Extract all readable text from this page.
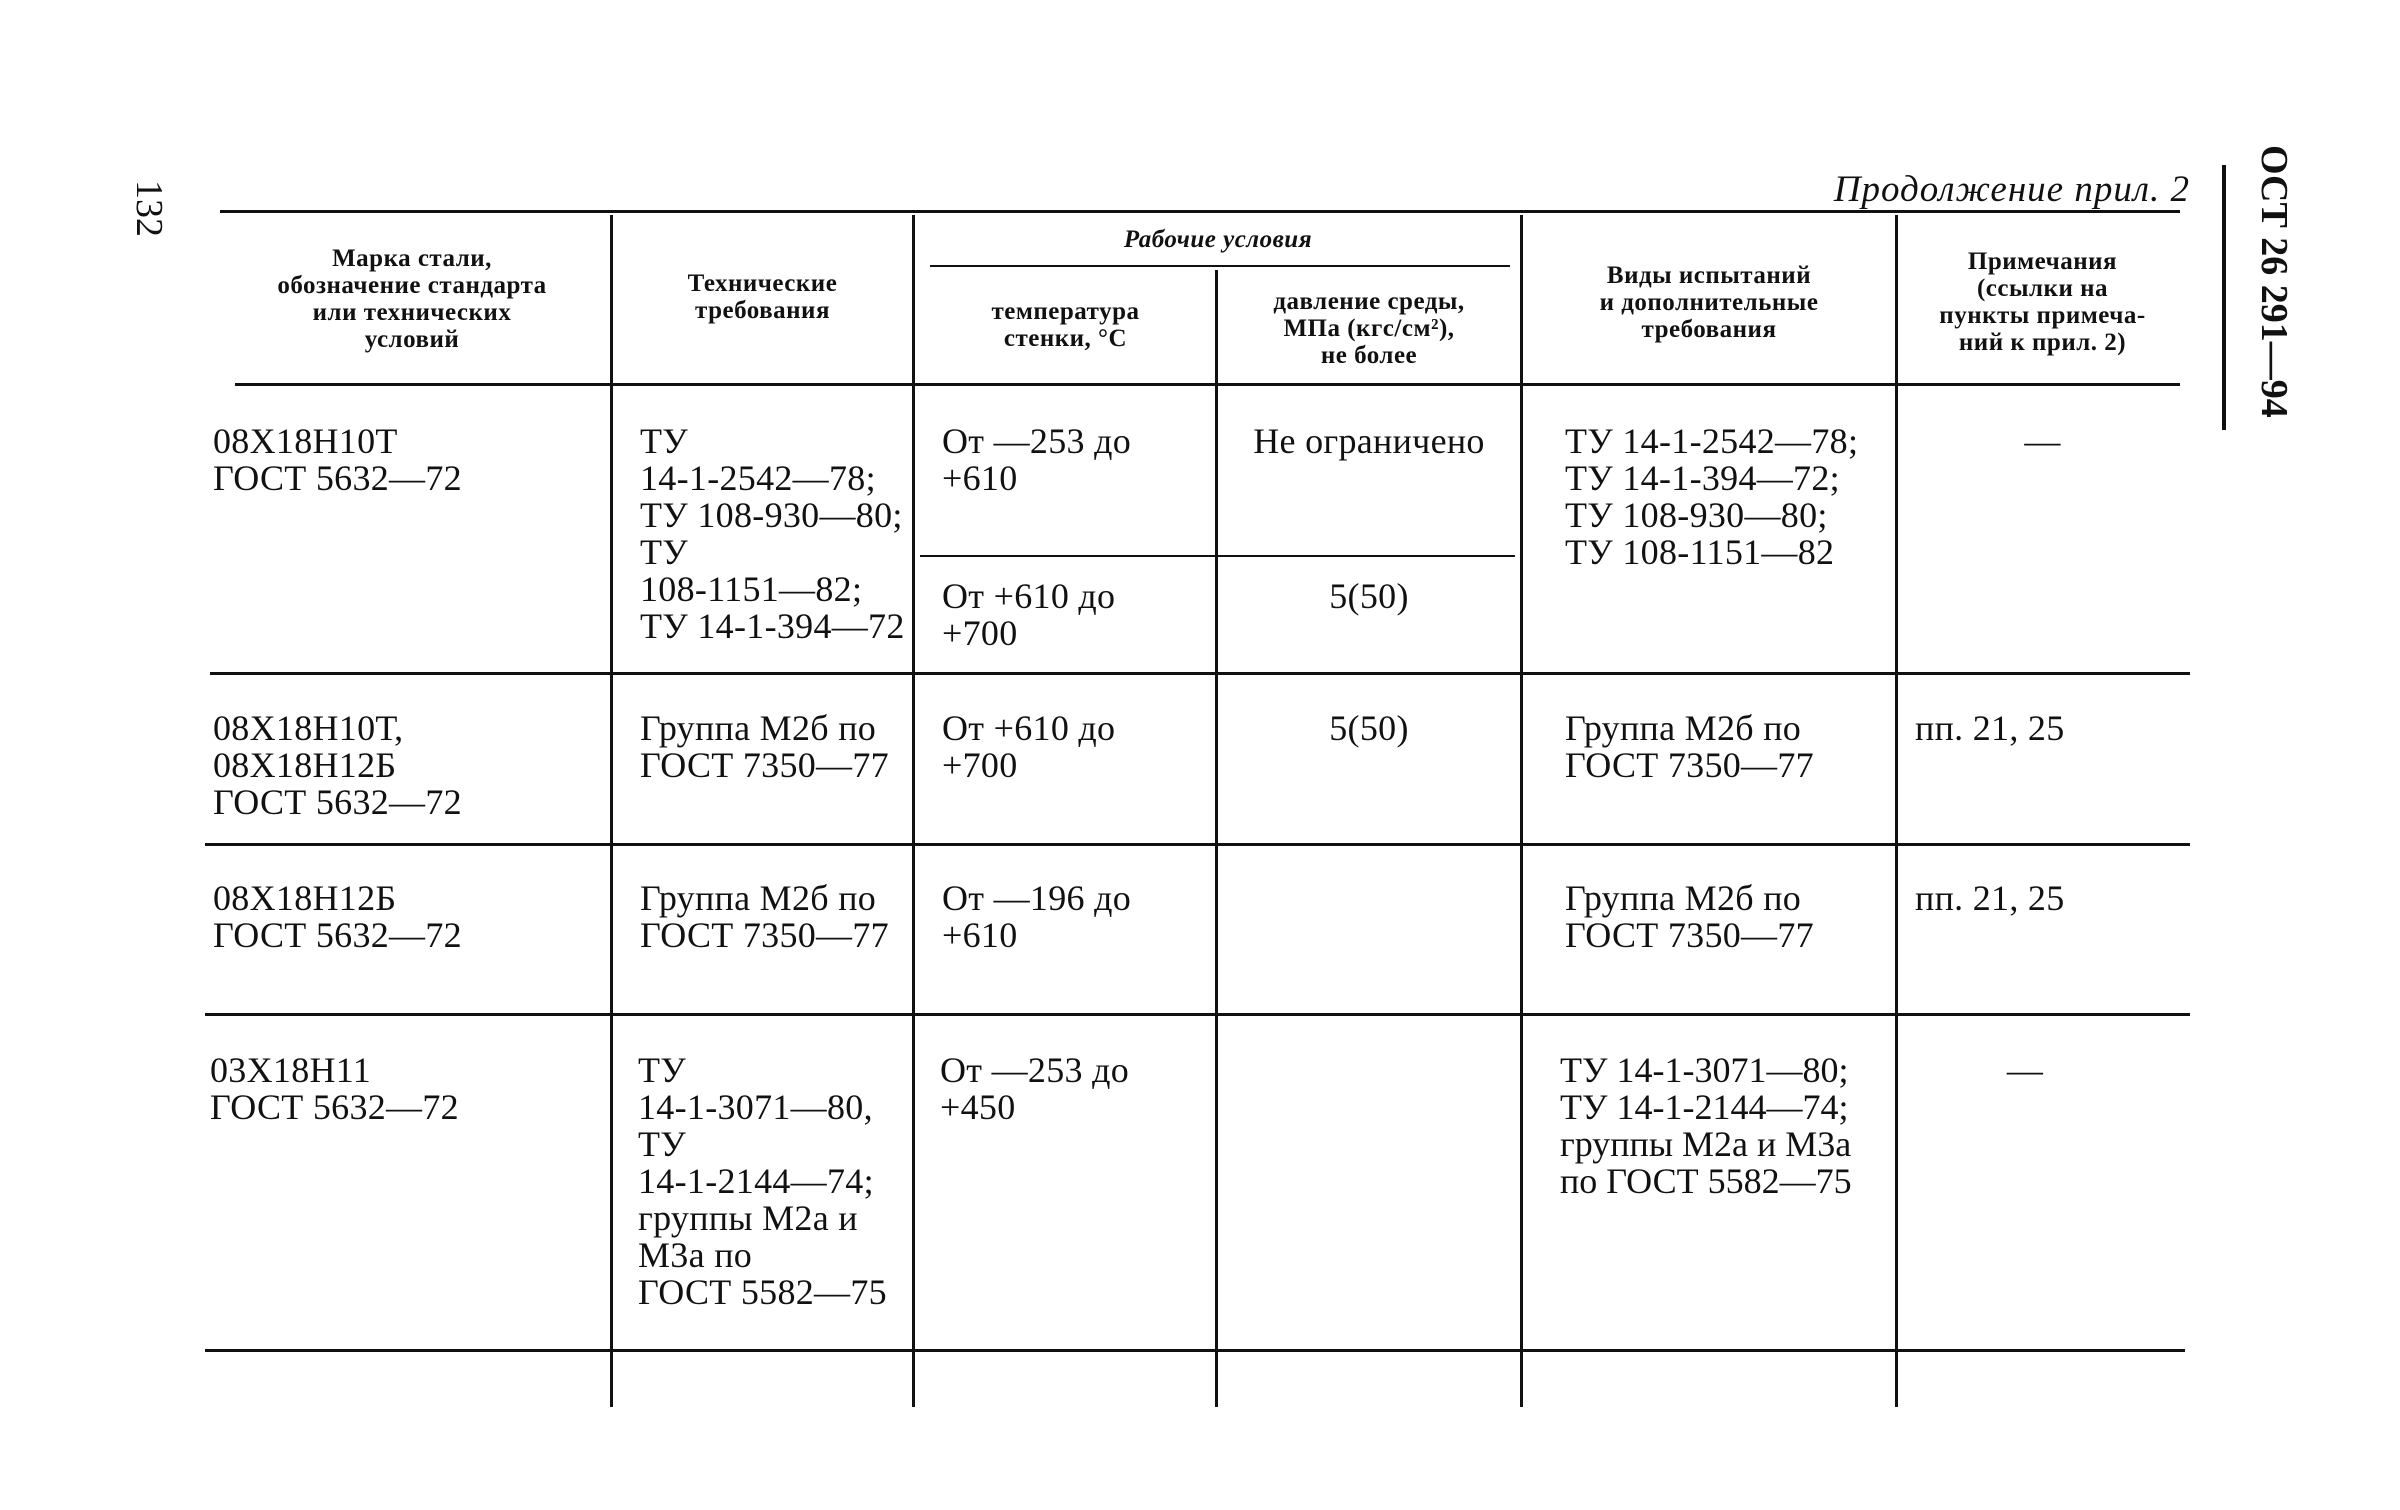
132	ОСТ 26 291—94
Продолжение прил. 2
Марка стали,
обозначение стандарта
или технических
условий
Технические
требования
Рабочие условия
температура
стенки, °С
давление среды,
МПа (кгс/см²),
не более
Виды испытаний
и дополнительные
требования
Примечания
(ссылки на
пункты примеча-
ний к прил. 2)
08Х18Н10Т
ГОСТ 5632—72
ТУ
14-1-2542—78;
ТУ 108-930—80;
ТУ
108-1151—82;
ТУ 14-1-394—72
От —253 до
+610
Не ограничено
От +610 до
+700
5(50)
ТУ 14-1-2542—78;
ТУ 14-1-394—72;
ТУ 108-930—80;
ТУ 108-1151—82
—
08Х18Н10Т,
08Х18Н12Б
ГОСТ 5632—72
Группа М2б по
ГОСТ 7350—77
От +610 до
+700
5(50)	Группа М2б по
ГОСТ 7350—77
пп. 21, 25
08Х18Н12Б
ГОСТ 5632—72
Группа М2б по
ГОСТ 7350—77
От —196 до
+610
Группа М2б по
ГОСТ 7350—77
пп. 21, 25
03Х18Н11
ГОСТ 5632—72
ТУ
14-1-3071—80,
ТУ
14-1-2144—74;
группы М2а и
М3а по
ГОСТ 5582—75
От —253 до
+450
ТУ 14-1-3071—80;
ТУ 14-1-2144—74;
группы М2а и М3а
по ГОСТ 5582—75
—
